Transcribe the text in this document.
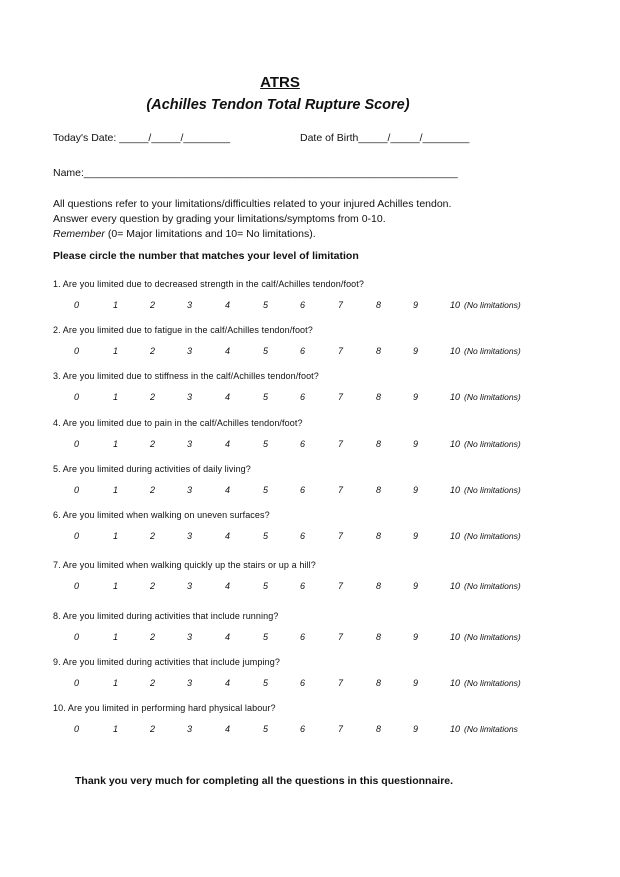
ATRS
(Achilles Tendon Total Rupture Score)
Today's Date: _____/_____/________	Date of Birth_____/_____/________
Name:________________________________________________________________
All questions refer to your limitations/difficulties related to your injured Achilles tendon.
Answer every question by grading your limitations/symptoms from 0-10.
Remember (0= Major limitations and 10= No limitations).
Please circle the number that matches your level of limitation
1. Are you limited due to decreased strength in the calf/Achilles tendon/foot?
0	1	2	3	4	5	6	7	8	9	10 (No limitations)
2. Are you limited due to fatigue in the calf/Achilles tendon/foot?
0	1	2	3	4	5	6	7	8	9	10 (No limitations)
3. Are you limited due to stiffness in the calf/Achilles tendon/foot?
0	1	2	3	4	5	6	7	8	9	10 (No limitations)
4. Are you limited due to pain in the calf/Achilles tendon/foot?
0	1	2	3	4	5	6	7	8	9	10 (No limitations)
5. Are you limited during activities of daily living?
0	1	2	3	4	5	6	7	8	9	10 (No limitations)
6. Are you limited when walking on uneven surfaces?
0	1	2	3	4	5	6	7	8	9	10 (No limitations)
7. Are you limited when walking quickly up the stairs or up a hill?
0	1	2	3	4	5	6	7	8	9	10 (No limitations)
8. Are you limited during activities that include running?
0	1	2	3	4	5	6	7	8	9	10 (No limitations)
9. Are you limited during activities that include jumping?
0	1	2	3	4	5	6	7	8	9	10 (No limitations)
10. Are you limited in performing hard physical labour?
0	1	2	3	4	5	6	7	8	9	10 (No limitations
Thank you very much for completing all the questions in this questionnaire.
